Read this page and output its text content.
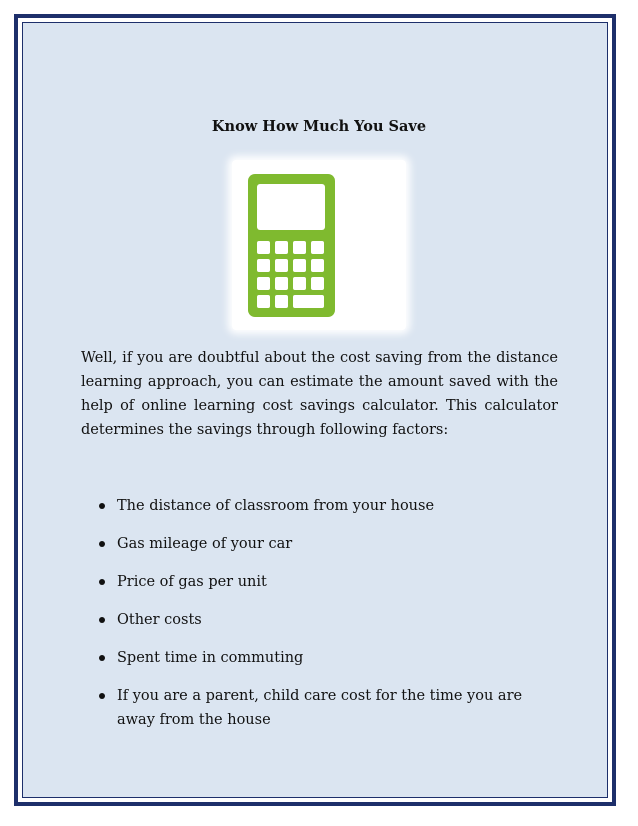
Know How Much You Save

Well, if you are doubtful about the cost saving from the distance learning approach, you can estimate the amount saved with the help of online learning cost savings calculator. This calculator determines the savings through following factors:

The distance of classroom from your house
Gas mileage of your car
Price of gas per unit
Other costs
Spent time in commuting
If you are a parent, child care cost for the time you are away from the house
